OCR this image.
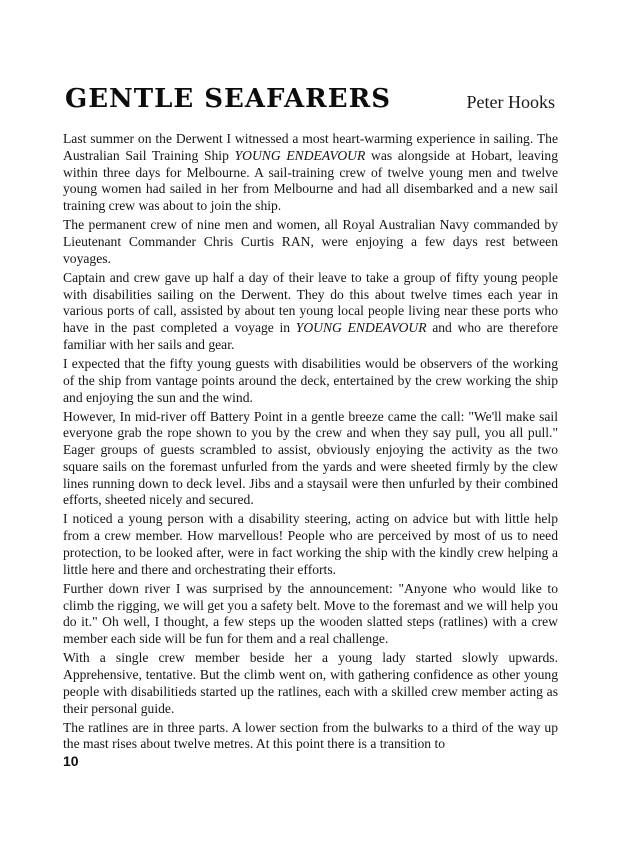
GENTLE SEAFARERS	Peter Hooks

Last summer on the Derwent I witnessed a most heart-warming experience in sailing. The Australian Sail Training Ship YOUNG ENDEAVOUR was alongside at Hobart, leaving within three days for Melbourne. A sail-training crew of twelve young men and twelve young women had sailed in her from Melbourne and had all disembarked and a new sail training crew was about to join the ship.

The permanent crew of nine men and women, all Royal Australian Navy commanded by Lieutenant Commander Chris Curtis RAN, were enjoying a few days rest between voyages.

Captain and crew gave up half a day of their leave to take a group of fifty young people with disabilities sailing on the Derwent. They do this about twelve times each year in various ports of call, assisted by about ten young local people living near these ports who have in the past completed a voyage in YOUNG ENDEAVOUR and who are therefore familiar with her sails and gear.

I expected that the fifty young guests with disabilities would be observers of the working of the ship from vantage points around the deck, entertained by the crew working the ship and enjoying the sun and the wind.

However, In mid-river off Battery Point in a gentle breeze came the call: "We'll make sail everyone grab the rope shown to you by the crew and when they say pull, you all pull." Eager groups of guests scrambled to assist, obviously enjoying the activity as the two square sails on the foremast unfurled from the yards and were sheeted firmly by the clew lines running down to deck level. Jibs and a staysail were then unfurled by their combined efforts, sheeted nicely and secured.

I noticed a young person with a disability steering, acting on advice but with little help from a crew member. How marvellous! People who are perceived by most of us to need protection, to be looked after, were in fact working the ship with the kindly crew helping a little here and there and orchestrating their efforts.

Further down river I was surprised by the announcement: "Anyone who would like to climb the rigging, we will get you a safety belt. Move to the foremast and we will help you do it." Oh well, I thought, a few steps up the wooden slatted steps (ratlines) with a crew member each side will be fun for them and a real challenge.

With a single crew member beside her a young lady started slowly upwards. Apprehensive, tentative. But the climb went on, with gathering confidence as other young people with disabilitieds started up the ratlines, each with a skilled crew member acting as their personal guide.

The ratlines are in three parts. A lower section from the bulwarks to a third of the way up the mast rises about twelve metres. At this point there is a transition to

10
